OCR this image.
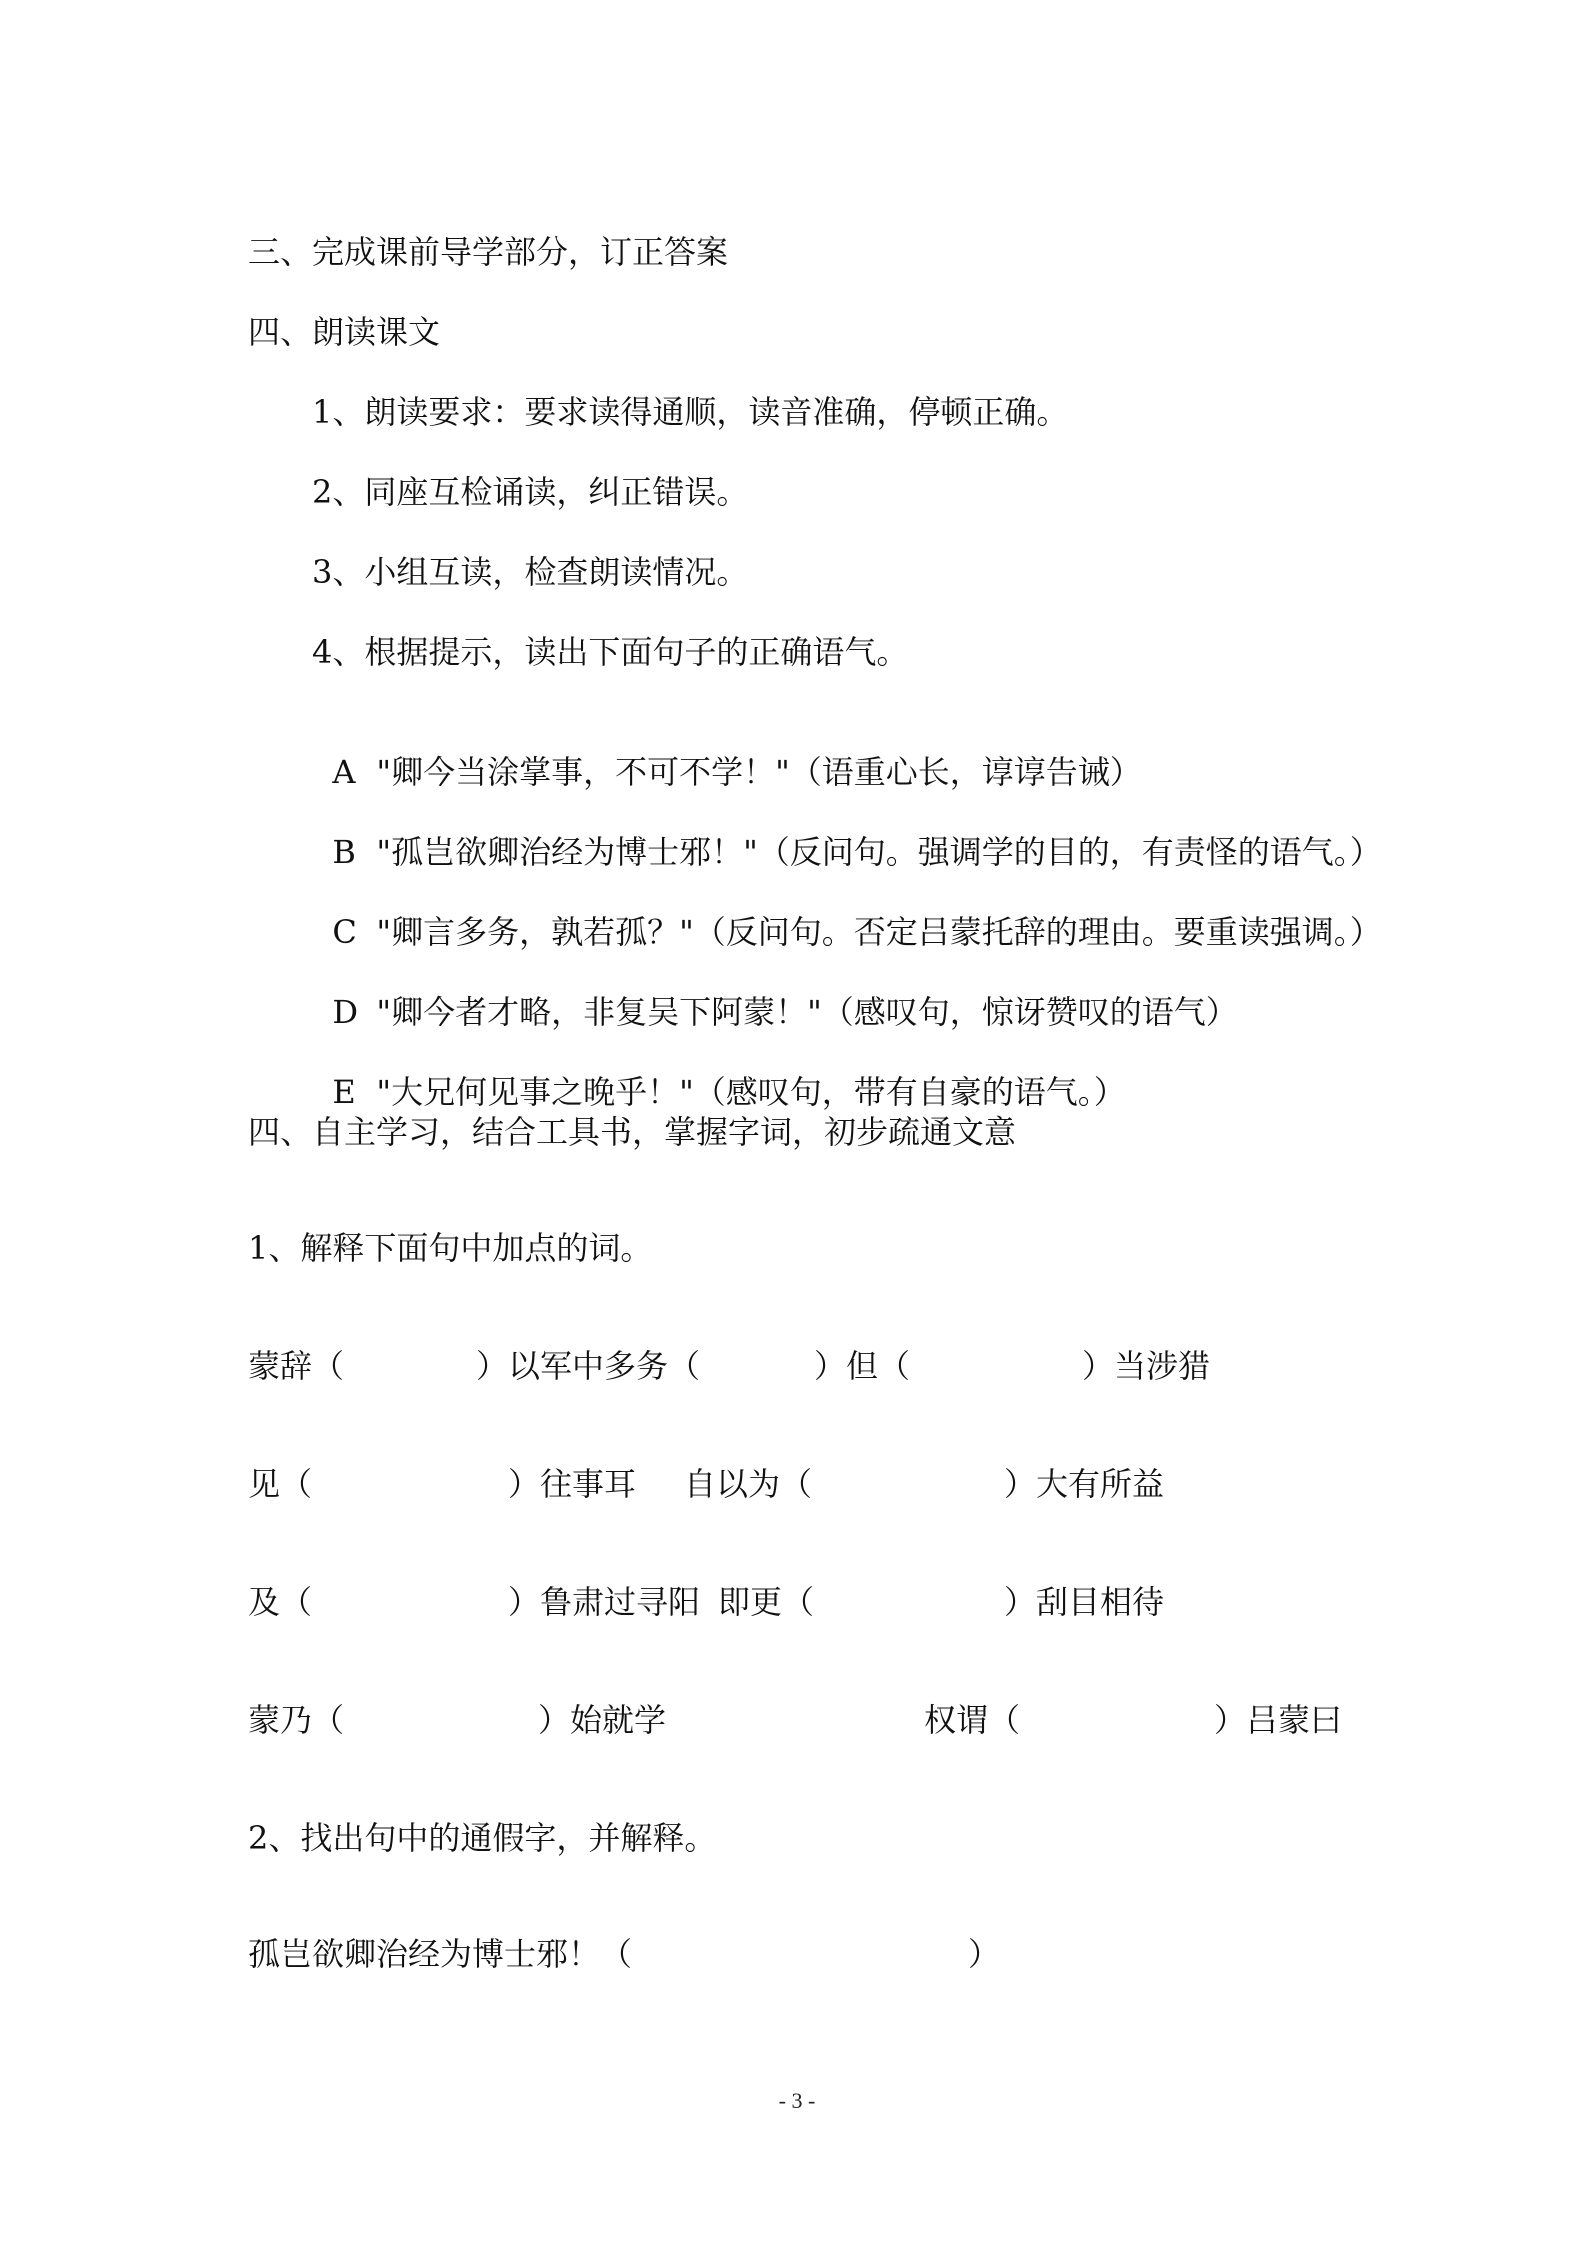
三、完成课前导学部分，订正答案
四、朗读课文
1、朗读要求：要求读得通顺，读音准确，停顿正确。
2、同座互检诵读，纠正错误。
3、小组互读，检查朗读情况。
4、根据提示，读出下面句子的正确语气。

A "卿今当涂掌事，不可不学！"（语重心长，谆谆告诫）

B "孤岂欲卿治经为博士邪！"（反问句。强调学的目的，有责怪的语气。）

C "卿言多务，孰若孤？"（反问句。否定吕蒙托辞的理由。要重读强调。）

D "卿今者才略，非复吴下阿蒙！"（感叹句，惊讶赞叹的语气）

E "大兄何见事之晚乎！"（感叹句，带有自豪的语气。）

四、自主学习，结合工具书，掌握字词，初步疏通文意
1、解释下面句中加点的词。
蒙辞（	）以军中多务（	）但（	）当涉猎
见（	）往事耳 自以为（	）大有所益
及（	）鲁肃过寻阳 即更（	）刮目相待
蒙乃（	）始就学	权谓（	）吕蒙曰
2、找出句中的通假字，并解释。
孤岂欲卿治经为博士邪！（	）
- 3 -
